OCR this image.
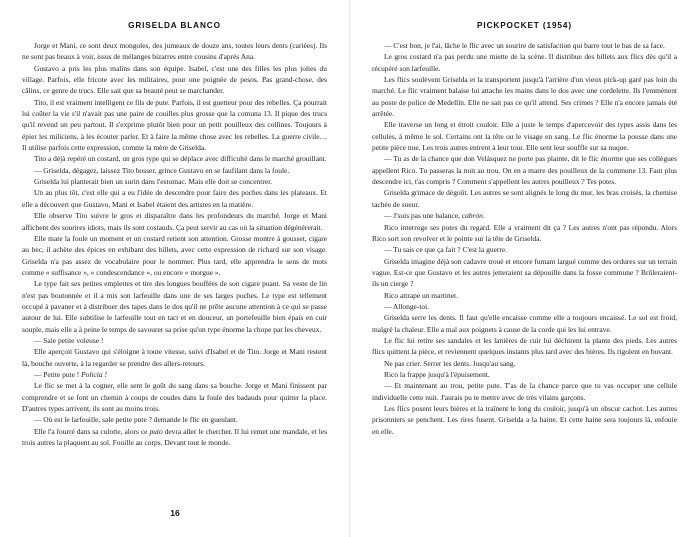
GRISELDA BLANCO

Jorge et Mani, ce sont deux mongoles, des jumeaux de douze ans, toutes leurs dents (cariées). Ils ne sont pas beaux à voir, issus de mélanges bizarres entre cousins d'après Ana.

Gustavo a pris les plus malins dans son équipe. Isabel, c'est une des filles les plus jolies du village. Parfois, elle fricote avec les militaires, pour une poignée de pesos. Pas grand-chose, des câlins, ce genre de trucs. Elle sait que sa beauté peut se marchander.

Tito, il est vraiment intelligent ce fils de pute. Parfois, il est guetteur pour des rebelles. Ça pourrait lui coûter la vie s'il n'avait pas une paire de couilles plus grosse que la comuna 13. Il pique des trucs qu'il revend un peu partout. Il s'exprime plutôt bien pour un petit pouilleux des collines. Toujours à épier les miliciens, à les écouter parler. Et à faire la même chose avec les rebelles. La guerre civile… Il utilise parfois cette expression, comme la mère de Griselda.

Tito a déjà repéré un costard, un gros type qui se déplace avec difficulté dans le marché grouillant.

— Griselda, dégagez, laissez Tito bosser, grince Gustavo en se faufilant dans la foule.

Griselda lui planterait bien un surin dans l'estomac. Mais elle doit se concentrer.

Un au plus tôt, c'est elle qui a eu l'idée de descendre pour faire des poches dans les plateaux. Et elle a découvert que Gustavo, Mani et Isabel étaient des artistes en la matière.

Elle observe Tito suivre le gros et disparaître dans les profondeurs du marché. Jorge et Mani affichent des sourires idiots, mais ils sont costauds. Ça peut servir au cas où la situation dégénérerait.

Elle mate la foule un moment et un costard retient son attention. Grosse montre à gousset, cigare au bec, il achète des épices en exhibant des billets, avec cette expression de richard sur son visage. Griselda n'a pas assez de vocabulaire pour le nommer. Plus tard, elle apprendra le sens de mots comme « suffisance », « condescendance », ou encore « morgue ».

Le type fait ses petites emplettes et tire des longues bouffées de son cigare puant. Sa veste de lin n'est pas boutonnée et il a mis son larfeuille dans une de ses larges poches. Le type est tellement occupé à pavaner et à distribuer des tapes dans le dos qu'il ne prête aucune attention à ce qui se passe autour de lui. Elle subtilise le larfeuille tout en tact et en douceur, un portefeuille bien épais en cuir souple, mais elle a à peine le temps de savourer sa prise qu'un type énorme la chope par les cheveux.

— Sale petite voleuse !

Elle aperçoit Gustavo qui s'éloigne à toute vitesse, suivi d'Isabel et de Tito. Jorge et Mani restent là, bouche ouverte, à la regarder se prendre des allers-retours.

— Petite pute ! Policía !

Le flic se met à la cogner, elle sent le goût du sang dans sa bouche. Jorge et Mani finissent par comprendre et se font un chemin à coups de coudes dans la foule des badauds pour quitter la place. D'autres types arrivent, ils sont au moins trois.

— Où est le larfeuille, sale petite pute ? demande le flic en gueulant.

Elle l'a fourré dans sa culotte, alors ce puto devra aller le chercher. Il lui remet une mandale, et les trois autres la plaquent au sol. Fouille au corps. Devant tout le monde.

16
PICKPOCKET (1954)

— C'est bon, je l'ai, lâche le flic avec un sourire de satisfaction qui barre tout le bas de sa face.

Le gros costard n'a pas perdu une miette de la scène. Il distribue des billets aux flics dès qu'il a récupéré son larfeuille.

Les flics soulèvent Griselda et la transportent jusqu'à l'arrière d'un vieux pick-up garé pas loin du marché. Le flic vraiment balaise lui attache les mains dans le dos avec une cordelette. Ils l'emmènent au poste de police de Medellín. Elle ne sait pas ce qu'il attend. Ses crimes ? Elle n'a encore jamais été arrêtée.

Elle traverse un long et étroit couloir. Elle a juste le temps d'apercevoir des types assis dans les cellules, à même le sol. Certains ont la tête ou le visage en sang. Le flic énorme la pousse dans une petite pièce nue. Les trois autres entrent à leur tour. Elle sent leur souffle sur sa nuque.

— Tu as de la chance que don Velásquez ne porte pas plainte, dit le flic énorme que ses collègues appellent Rico. Tu passeras la nuit au trou. On en a marre des pouilleux de la commune 13. Faut plus descendre ici, t'as compris ? Comment s'appellent les autres pouilleux ? Tes potes.

Griselda grimace de dégoût. Les autres se sont alignés le long du mur, les bras croisés, la chemise tachée de sueur.

— J'suis pas une balance, cabrón.

Rico interroge ses potes du regard. Elle a vraiment dit ça ? Les autres n'ont pas répondu. Alors Rico sort son revolver et le pointe sur la tête de Griselda.

— Tu sais ce que ça fait ? C'est la guerre.

Griselda imagine déjà son cadavre troué et encore fumant largué comme des ordures sur un terrain vague. Est-ce que Gustavo et les autres jetteraient sa dépouille dans la fosse commune ? Brûleraient-ils un cierge ?

Rico attrape un martinet.

— Allonge-toi.

Griselda serre les dents. Il faut qu'elle encaisse comme elle a toujours encaissé. Le sol est froid, malgré la chaleur. Elle a mal aux poignets à cause de la corde qui les lui entrave.

Le flic lui retire ses sandales et les lanières de cuir lui déchirent la plante des pieds. Les autres flics quittent la pièce, et reviennent quelques instants plus tard avec des bières. Ils rigolent en buvant.

Ne pas crier. Serrer les dents. Jusqu'au sang.

Rico la frappe jusqu'à l'épuisement.

— Et maintenant au trou, petite pute. T'as de la chance parce que tu vas occuper une cellule individuelle cette nuit. J'aurais pu te mettre avec de très vilains garçons.

Les flics posent leurs bières et la traînent le long du couloir, jusqu'à un obscur cachot. Les autres prisonniers se penchent. Les rires fusent. Griselda a la haine. Et cette haine sera toujours là, enfouie en elle.
